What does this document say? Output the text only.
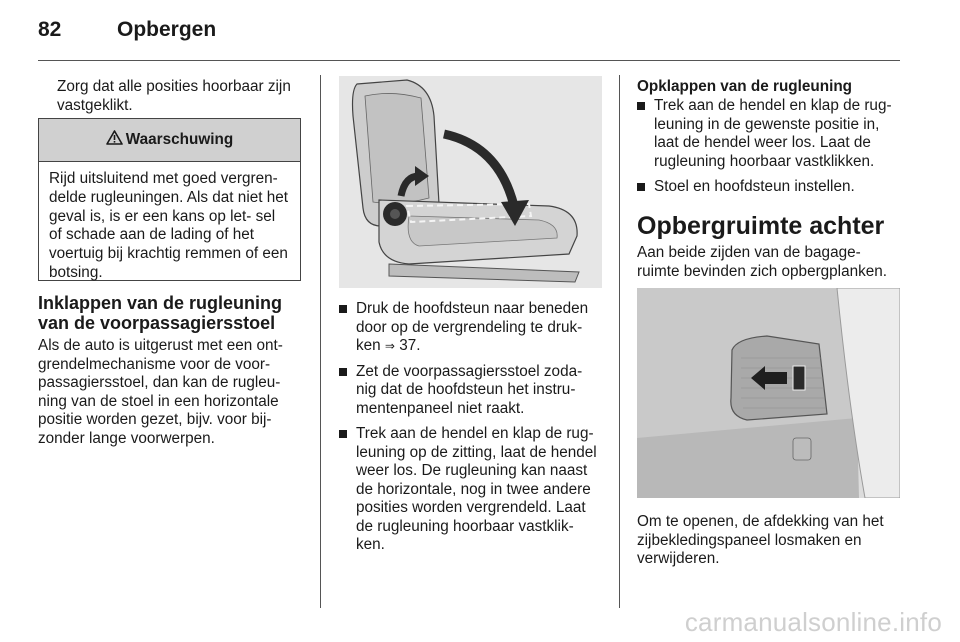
82	Opbergen
Zorg dat alle posities hoorbaar zijn vastgeklikt.
Waarschuwing
Rijd uitsluitend met goed vergren- delde rugleuningen. Als dat niet het geval is, is er een kans op let- sel of schade aan de lading of het voertuig bij krachtig remmen of een botsing.
Inklappen van de rugleuning van de voorpassagiersstoel
Als de auto is uitgerust met een ont- grendelmechanisme voor de voor- passagiersstoel, dan kan de rugleu- ning van de stoel in een horizontale positie worden gezet, bijv. voor bij- zonder lange voorwerpen.
Druk de hoofdsteun naar beneden door op de vergrendeling te druk- ken ⇒ 37.
Zet de voorpassagiersstoel zoda- nig dat de hoofdsteun het instru- mentenpaneel niet raakt.
Trek aan de hendel en klap de rug- leuning op de zitting, laat de hendel weer los. De rugleuning kan naast de horizontale, nog in twee andere posities worden vergrendeld. Laat de rugleuning hoorbaar vastklik- ken.
Opklappen van de rugleuning
Trek aan de hendel en klap de rug- leuning in de gewenste positie in, laat de hendel weer los. Laat de rugleuning hoorbaar vastklikken.
Stoel en hoofdsteun instellen.
Opbergruimte achter
Aan beide zijden van de bagage- ruimte bevinden zich opbergplanken.
Om te openen, de afdekking van het zijbekledingspaneel losmaken en verwijderen.
carmanualsonline.info
